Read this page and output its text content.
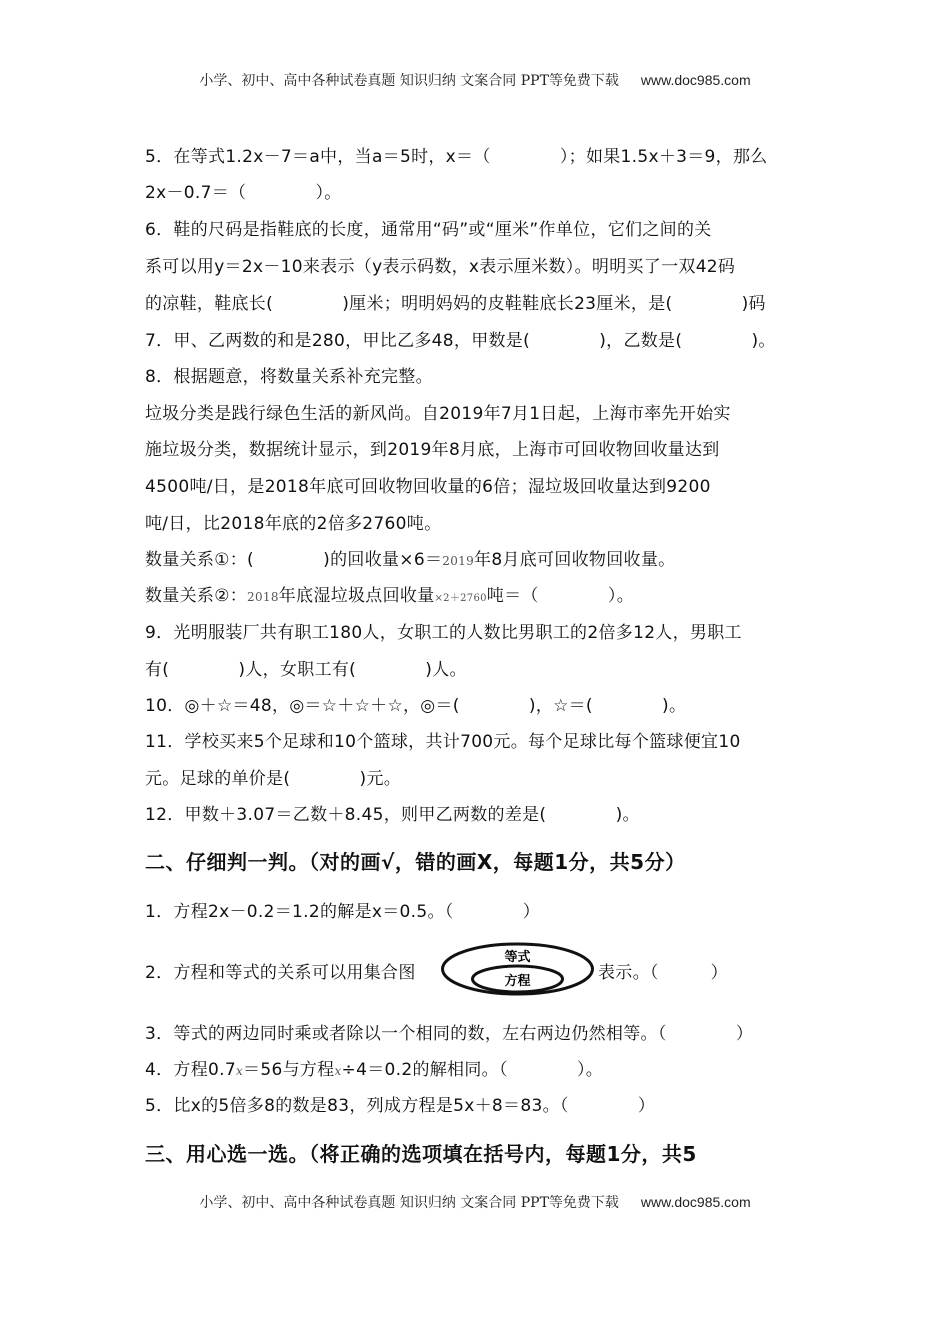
小学、初中、高中各种试卷真题 知识归纳 文案合同 PPT等免费下载 www.doc985.com
5．在等式1.2x－7＝a中，当a＝5时，x＝（　　　　）；如果1.5x＋3＝9，那么
2x－0.7＝（　　　　）。
6．鞋的尺码是指鞋底的长度，通常用“码”或“厘米”作单位，它们之间的关
系可以用y＝2x－10来表示（y表示码数，x表示厘米数）。明明买了一双42码
的凉鞋，鞋底长(　　　　)厘米；明明妈妈的皮鞋鞋底长23厘米，是(　　　　)码
7．甲、乙两数的和是280，甲比乙多48，甲数是(　　　　)，乙数是(　　　　)。
8．根据题意，将数量关系补充完整。
垃圾分类是践行绿色生活的新风尚。自2019年7月1日起，上海市率先开始实
施垃圾分类，数据统计显示，到2019年8月底，上海市可回收物回收量达到
4500吨/日，是2018年底可回收物回收量的6倍；湿垃圾回收量达到9200
吨/日，比2018年底的2倍多2760吨。
数量关系①：(　　　　)的回收量×6＝2019年8月底可回收物回收量。
数量关系②：2018年底湿垃圾点回收量×2＋2760吨＝（　　　　）。
9．光明服装厂共有职工180人，女职工的人数比男职工的2倍多12人，男职工
有(　　　　)人，女职工有(　　　　)人。
10．◎＋☆＝48，◎＝☆＋☆＋☆，◎＝(　　　　)，☆＝(　　　　)。
11．学校买来5个足球和10个篮球，共计700元。每个足球比每个篮球便宜10
元。足球的单价是(　　　　)元。
12．甲数＋3.07＝乙数＋8.45，则甲乙两数的差是(　　　　)。
二、仔细判一判。（对的画√，错的画X，每题1分，共5分）
1．方程2x－0.2＝1.2的解是x＝0.5。（　　　　）
2．方程和等式的关系可以用集合图
等式
方程	表示。（　　　）
3．等式的两边同时乘或者除以一个相同的数，左右两边仍然相等。（　　　　）
4．方程0.7x＝56与方程x÷4＝0.2的解相同。（　　　　）。
5．比x的5倍多8的数是83，列成方程是5x＋8＝83。（　　　　）
三、用心选一选。（将正确的选项填在括号内，每题1分，共5
小学、初中、高中各种试卷真题 知识归纳 文案合同 PPT等免费下载 www.doc985.com
